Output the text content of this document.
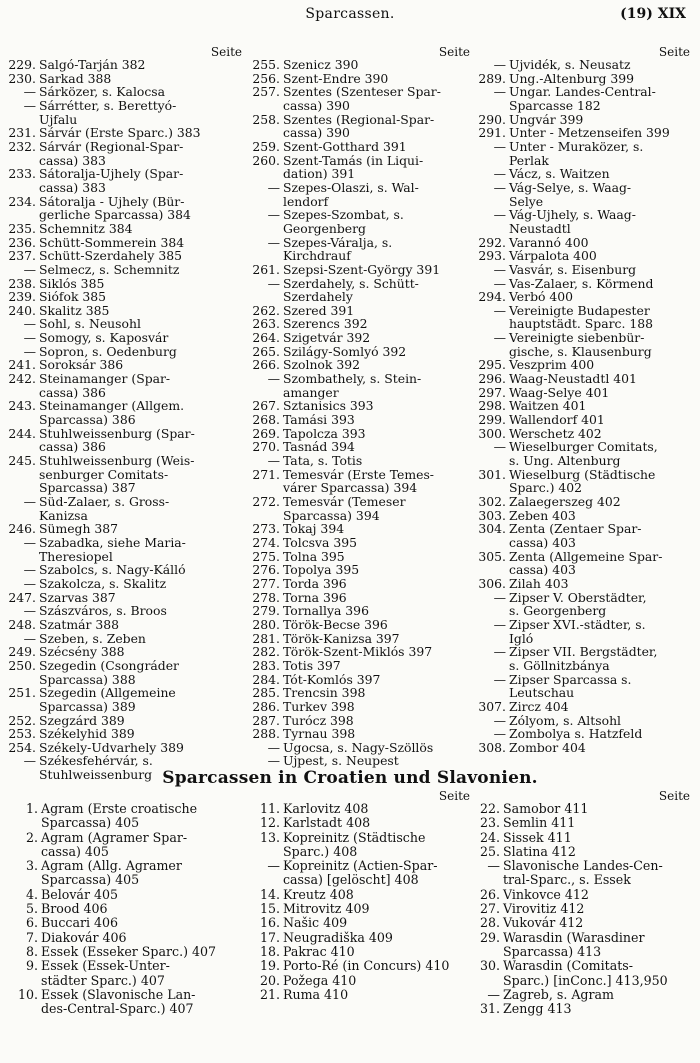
Sparcassen.	(19) XIX
Seite
229. Salgó-Tarján 382
230. Sarkad 388
— Sárközer, s. Kalocsa
— Sárrétter, s. Berettyó-
Ujfalu
231. Sárvár (Erste Sparc.) 383
232. Sárvár (Regional-Spar-
cassa) 383
233. Sátoralja-Ujhely (Spar-
cassa) 383
234. Sátoralja - Ujhely (Bür-
gerliche Sparcassa) 384
235. Schemnitz 384
236. Schütt-Sommerein 384
237. Schütt-Szerdahely 385
— Selmecz, s. Schemnitz
238. Siklós 385
239. Siófok 385
240. Skalitz 385
— Sohl, s. Neusohl
— Somogy, s. Kaposvár
— Sopron, s. Oedenburg
241. Soroksár 386
242. Steinamanger (Spar-
cassa) 386
243. Steinamanger (Allgem.
Sparcassa) 386
244. Stuhlweissenburg (Spar-
cassa) 386
245. Stuhlweissenburg (Weis-
senburger Comitats-
Sparcassa) 387
— Süd-Zalaer, s. Gross-
Kanizsa
246. Sümegh 387
— Szabadka, siehe Maria-
Theresiopel
— Szabolcs, s. Nagy-Kálló
— Szakolcza, s. Skalitz
247. Szarvas 387
— Szászváros, s. Broos
248. Szatmár 388
— Szeben, s. Zeben
249. Szécsény 388
250. Szegedin (Csongráder
Sparcassa) 388
251. Szegedin (Allgemeine
Sparcassa) 389
252. Szegzárd 389
253. Székelyhid 389
254. Székely-Udvarhely 389
— Székesfehérvár, s.
Stuhlweissenburg
Seite
255. Szenicz 390
256. Szent-Endre 390
257. Szentes (Szenteser Spar-
cassa) 390
258. Szentes (Regional-Spar-
cassa) 390
259. Szent-Gotthard 391
260. Szent-Tamás (in Liqui-
dation) 391
— Szepes-Olaszi, s. Wal-
lendorf
— Szepes-Szombat, s.
Georgenberg
— Szepes-Váralja, s.
Kirchdrauf
261. Szepsi-Szent-György 391
— Szerdahely, s. Schütt-
Szerdahely
262. Szered 391
263. Szerencs 392
264. Szigetvár 392
265. Szilágy-Somlyó 392
266. Szolnok 392
— Szombathely, s. Stein-
amanger
267. Sztanisics 393
268. Tamási 393
269. Tapolcza 393
270. Tasnád 394
— Tata, s. Totis
271. Temesvár (Erste Temes-
várer Sparcassa) 394
272. Temesvár (Temeser
Sparcassa) 394
273. Tokaj 394
274. Tolcsva 395
275. Tolna 395
276. Topolya 395
277. Torda 396
278. Torna 396
279. Tornallya 396
280. Török-Becse 396
281. Török-Kanizsa 397
282. Török-Szent-Miklós 397
283. Totis 397
284. Tót-Komlós 397
285. Trencsin 398
286. Turkev 398
287. Turócz 398
288. Tyrnau 398
— Ugocsa, s. Nagy-Szöllös
— Ujpest, s. Neupest
Seite
— Ujvidék, s. Neusatz
289. Ung.-Altenburg 399
— Ungar. Landes-Central-
Sparcasse 182
290. Ungvár 399
291. Unter - Metzenseifen 399
— Unter - Muraközer, s.
Perlak
— Vácz, s. Waitzen
— Vág-Selye, s. Waag-
Selye
— Vág-Ujhely, s. Waag-
Neustadtl
292. Varannó 400
293. Várpalota 400
— Vasvár, s. Eisenburg
— Vas-Zalaer, s. Körmend
294. Verbó 400
— Vereinigte Budapester
hauptstädt. Sparc. 188
— Vereinigte siebenbür-
gische, s. Klausenburg
295. Veszprim 400
296. Waag-Neustadtl 401
297. Waag-Selye 401
298. Waitzen 401
299. Wallendorf 401
300. Werschetz 402
— Wieselburger Comitats,
s. Ung. Altenburg
301. Wieselburg (Städtische
Sparc.) 402
302. Zalaegerszeg 402
303. Zeben 403
304. Zenta (Zentaer Spar-
cassa) 403
305. Zenta (Allgemeine Spar-
cassa) 403
306. Zilah 403
— Zipser V. Oberstädter,
s. Georgenberg
— Zipser XVI.-städter, s.
Igló
— Zipser VII. Bergstädter,
s. Göllnitzbánya
— Zipser Sparcassa s.
Leutschau
307. Zircz 404
— Zólyom, s. Altsohl
— Zombolya s. Hatzfeld
308. Zombor 404
Sparcassen in Croatien und Slavonien.
1. Agram (Erste croatische
Sparcassa) 405
2. Agram (Agramer Spar-
cassa) 405
3. Agram (Allg. Agramer
Sparcassa) 405
4. Belovár 405
5. Brood 406
6. Buccari 406
7. Diakovár 406
8. Essek (Esseker Sparc.) 407
9. Essek (Essek-Unter-
städter Sparc.) 407
10. Essek (Slavonische Lan-
des-Central-Sparc.) 407
Seite
11. Karlovitz 408
12. Karlstadt 408
13. Kopreinitz (Städtische
Sparc.) 408
— Kopreinitz (Actien-Spar-
cassa) [gelöscht] 408
14. Kreutz 408
15. Mitrovitz 409
16. Našic 409
17. Neugradiška 409
18. Pakrac 410
19. Porto-Ré (in Concurs) 410
20. Požega 410
21. Ruma 410
Seite
22. Samobor 411
23. Semlin 411
24. Sissek 411
25. Slatina 412
— Slavonische Landes-Cen-
tral-Sparc., s. Essek
26. Vinkovce 412
27. Virovitiz 412
28. Vukovár 412
29. Warasdin (Warasdiner
Sparcassa) 413
30. Warasdin (Comitats-
Sparc.) [inConc.] 413,950
— Zagreb, s. Agram
31. Zengg 413
